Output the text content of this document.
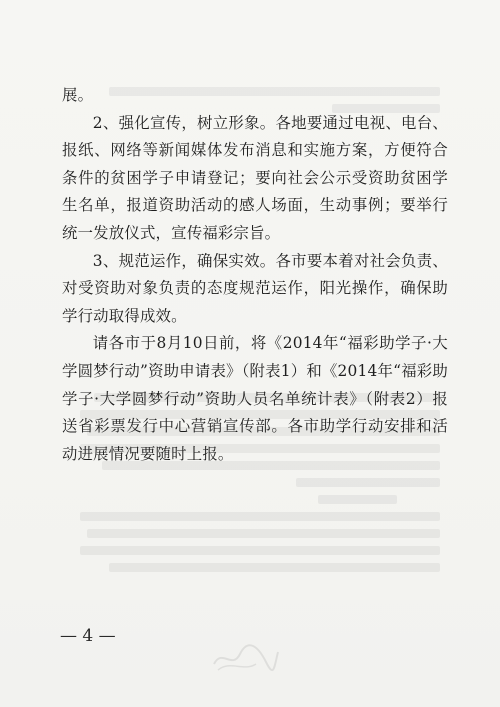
展。

2、强化宣传，树立形象。各地要通过电视、电台、报纸、网络等新闻媒体发布消息和实施方案，方便符合条件的贫困学子申请登记；要向社会公示受资助贫困学生名单，报道资助活动的感人场面，生动事例；要举行统一发放仪式，宣传福彩宗旨。

3、规范运作，确保实效。各市要本着对社会负责、对受资助对象负责的态度规范运作，阳光操作，确保助学行动取得成效。

请各市于8月10日前，将《2014年“福彩助学子·大学圆梦行动”资助申请表》（附表1）和《2014年“福彩助学子·大学圆梦行动”资助人员名单统计表》（附表2）报送省彩票发行中心营销宣传部。各市助学行动安排和活动进展情况要随时上报。

— 4 —
